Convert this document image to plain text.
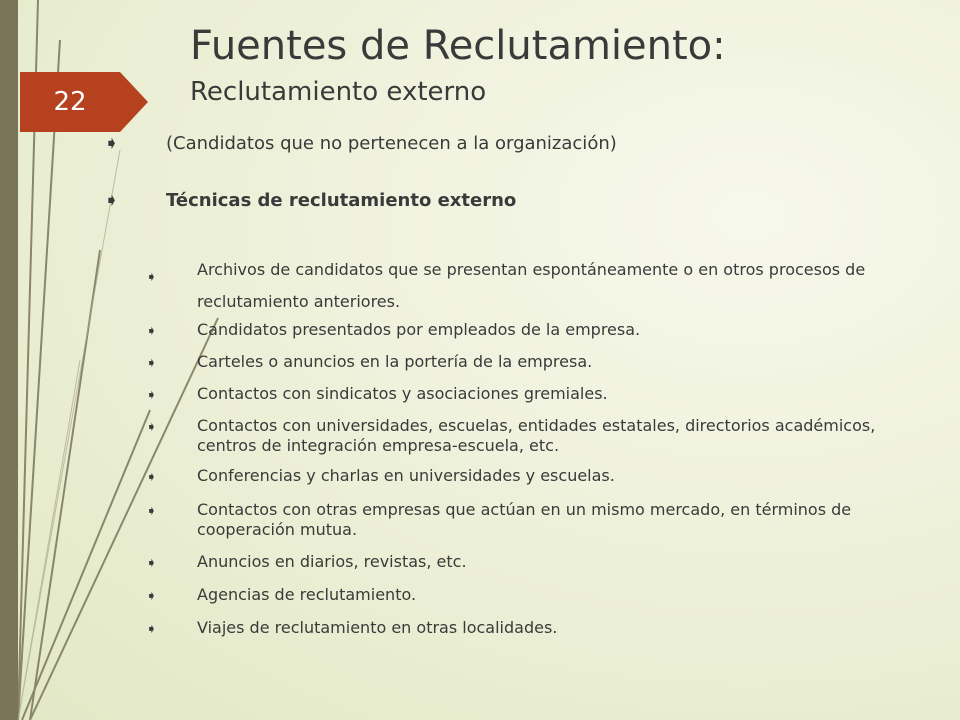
22
Fuentes de Reclutamiento:
Reclutamiento externo
➧	(Candidatos que no pertenecen a la organización)
➧	Técnicas de reclutamiento externo
➧	Archivos de candidatos que se presentan espontáneamente o en otros procesos de reclutamiento anteriores.
➧	Candidatos presentados por empleados de la empresa.
➧	Carteles o anuncios en la portería de la empresa.
➧	Contactos con sindicatos y asociaciones gremiales.
➧	Contactos con universidades, escuelas, entidades estatales, directorios académicos, centros de integración empresa-escuela, etc.
➧	Conferencias y charlas en universidades y escuelas.
➧	Contactos con otras empresas que actúan en un mismo mercado, en términos de cooperación mutua.
➧	Anuncios en diarios, revistas, etc.
➧	Agencias de reclutamiento.
➧	Viajes de reclutamiento en otras localidades.
